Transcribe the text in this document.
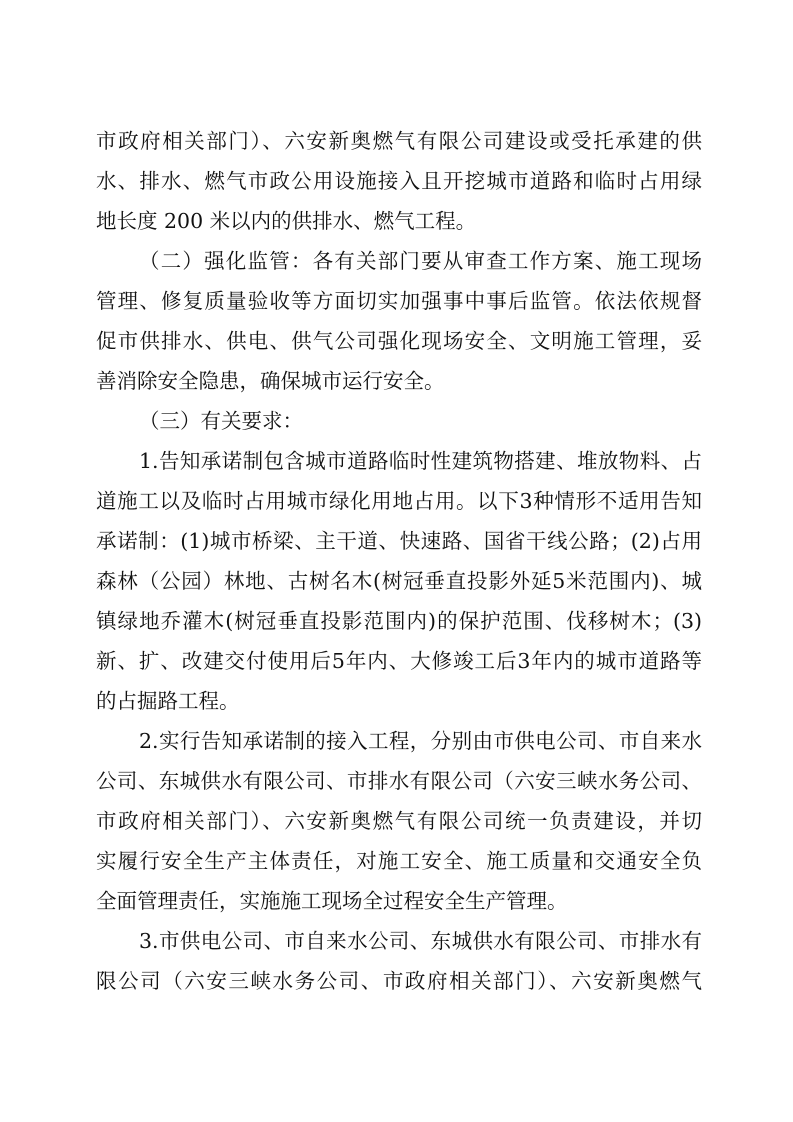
市政府相关部门）、六安新奥燃气有限公司建设或受托承建的供
水、排水、燃气市政公用设施接入且开挖城市道路和临时占用绿
地长度 200 米以内的供排水、燃气工程。
（二）强化监管：各有关部门要从审查工作方案、施工现场
管理、修复质量验收等方面切实加强事中事后监管。依法依规督
促市供排水、供电、供气公司强化现场安全、文明施工管理，妥
善消除安全隐患，确保城市运行安全。
（三）有关要求：
1.告知承诺制包含城市道路临时性建筑物搭建、堆放物料、占
道施工以及临时占用城市绿化用地占用。以下3种情形不适用告知
承诺制：(1)城市桥梁、主干道、快速路、国省干线公路；(2)占用
森林（公园）林地、古树名木(树冠垂直投影外延5米范围内)、城
镇绿地乔灌木(树冠垂直投影范围内)的保护范围、伐移树木；(3)
新、扩、改建交付使用后5年内、大修竣工后3年内的城市道路等
的占掘路工程。
2.实行告知承诺制的接入工程，分别由市供电公司、市自来水
公司、东城供水有限公司、市排水有限公司（六安三峡水务公司、
市政府相关部门）、六安新奥燃气有限公司统一负责建设，并切
实履行安全生产主体责任，对施工安全、施工质量和交通安全负
全面管理责任，实施施工现场全过程安全生产管理。
3.市供电公司、市自来水公司、东城供水有限公司、市排水有
限公司（六安三峡水务公司、市政府相关部门）、六安新奥燃气
